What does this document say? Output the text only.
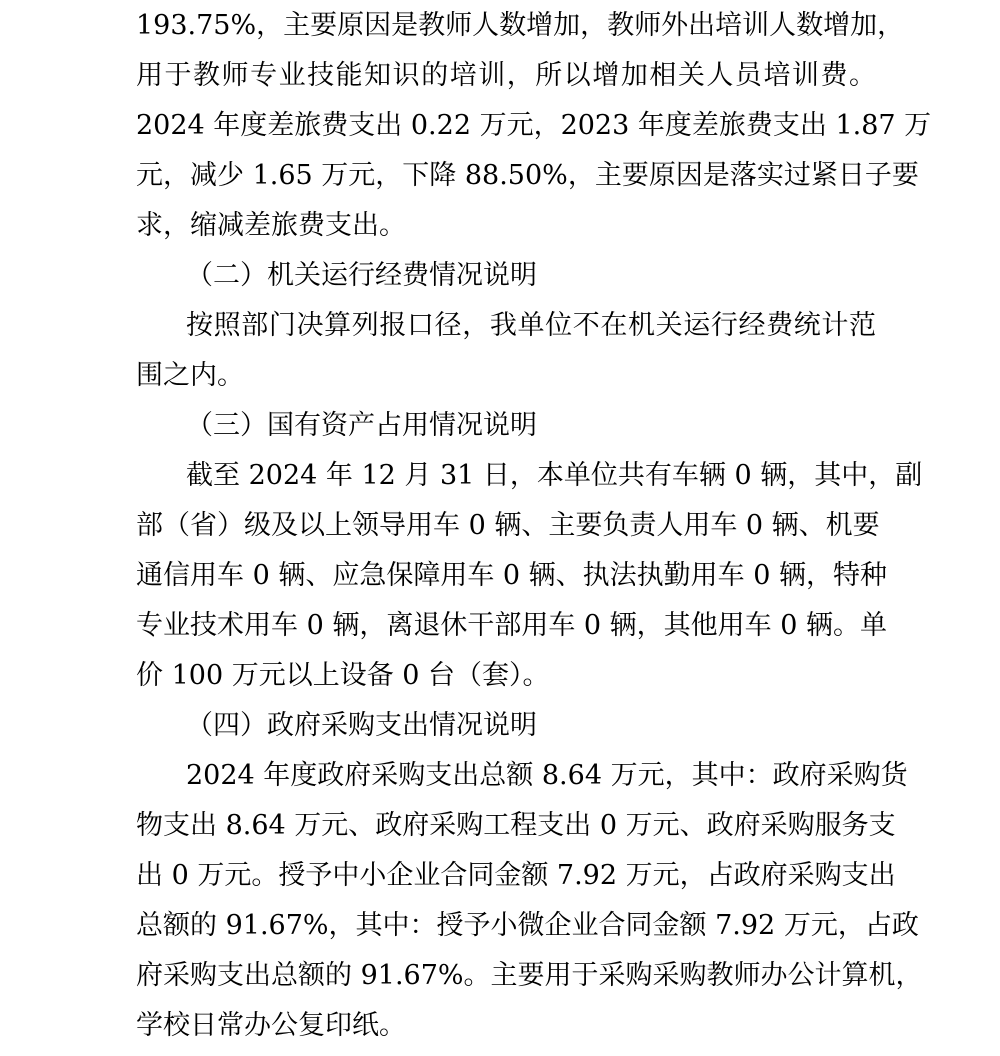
193.75%，主要原因是教师人数增加，教师外出培训人数增加，
用于教师专业技能知识的培训，所以增加相关人员培训费。
2024 年度差旅费支出 0.22 万元，2023 年度差旅费支出 1.87 万
元，减少 1.65 万元，下降 88.50%，主要原因是落实过紧日子要
求，缩减差旅费支出。
（二）机关运行经费情况说明
按照部门决算列报口径，我单位不在机关运行经费统计范
围之内。
（三）国有资产占用情况说明
截至 2024 年 12 月 31 日，本单位共有车辆 0 辆，其中，副
部（省）级及以上领导用车 0 辆、主要负责人用车 0 辆、机要
通信用车 0 辆、应急保障用车 0 辆、执法执勤用车 0 辆，特种
专业技术用车 0 辆，离退休干部用车 0 辆，其他用车 0 辆。单
价 100 万元以上设备 0 台（套）。
（四）政府采购支出情况说明
2024 年度政府采购支出总额 8.64 万元，其中：政府采购货
物支出 8.64 万元、政府采购工程支出 0 万元、政府采购服务支
出 0 万元。授予中小企业合同金额 7.92 万元，占政府采购支出
总额的 91.67%，其中：授予小微企业合同金额 7.92 万元，占政
府采购支出总额的 91.67%。主要用于采购采购教师办公计算机，
学校日常办公复印纸。
